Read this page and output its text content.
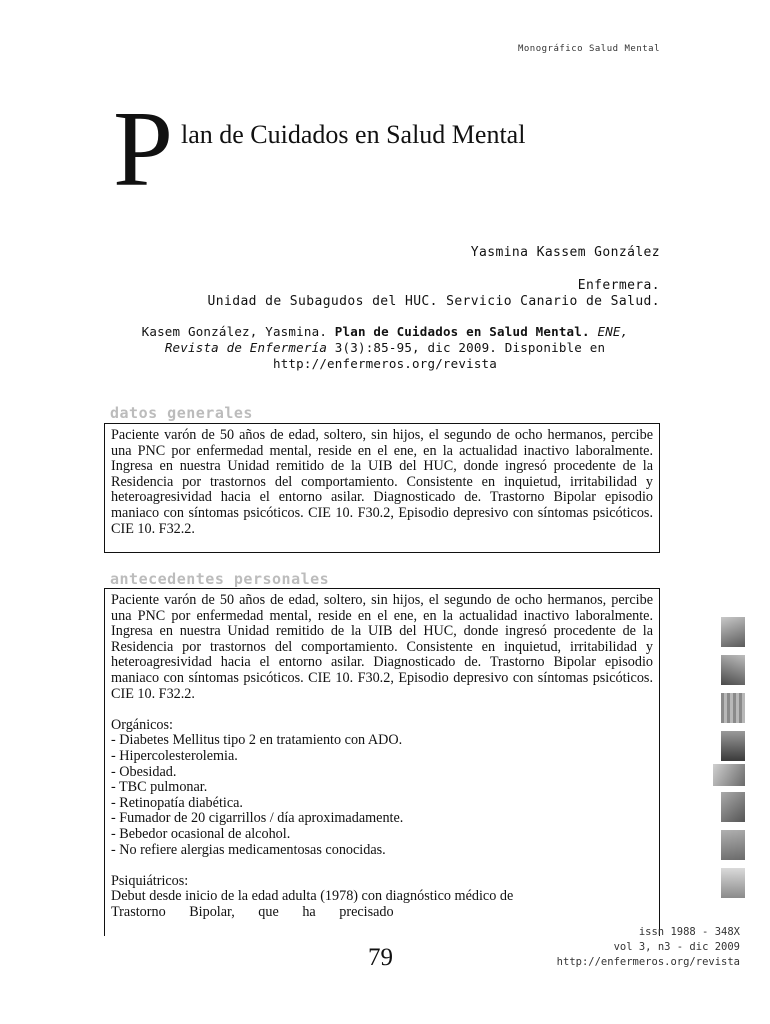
Monográfico Salud Mental
P lan de Cuidados en Salud Mental
Yasmina Kassem González
Enfermera.
Unidad de Subagudos del HUC. Servicio Canario de Salud.
Kasem González, Yasmina. Plan de Cuidados en Salud Mental. ENE,
Revista de Enfermería 3(3):85-95, dic 2009. Disponible en
http://enfermeros.org/revista
datos generales

Paciente varón de 50 años de edad, soltero, sin hijos, el segundo de ocho hermanos, percibe una PNC por enfermedad mental, reside en el ene, en la actualidad inactivo laboralmente. Ingresa en nuestra Unidad remitido de la UIB del HUC, donde ingresó procedente de la Residencia por trastornos del comportamiento. Consistente en inquietud, irritabilidad y heteroagresividad hacia el entorno asilar. Diagnosticado de. Trastorno Bipolar episodio maniaco con síntomas psicóticos. CIE 10. F30.2, Episodio depresivo con síntomas psicóticos. CIE 10. F32.2.

antecedentes personales

Paciente varón de 50 años de edad, soltero, sin hijos, el segundo de ocho hermanos, percibe una PNC por enfermedad mental, reside en el ene, en la actualidad inactivo laboralmente. Ingresa en nuestra Unidad remitido de la UIB del HUC, donde ingresó procedente de la Residencia por trastornos del comportamiento. Consistente en inquietud, irritabilidad y heteroagresividad hacia el entorno asilar. Diagnosticado de. Trastorno Bipolar episodio maniaco con síntomas psicóticos. CIE 10. F30.2, Episodio depresivo con síntomas psicóticos. CIE 10. F32.2.

Orgánicos:
- Diabetes Mellitus tipo 2 en tratamiento con ADO.
- Hipercolesterolemia.
- Obesidad.
- TBC pulmonar.
- Retinopatía diabética.
- Fumador de 20 cigarrillos / día aproximadamente.
- Bebedor ocasional de alcohol.
- No refiere alergias medicamentosas conocidas.
Psiquiátricos:
Debut desde inicio de la edad adulta (1978) con diagnóstico médico de
Trastorno Bipolar, que ha precisado
79
issn 1988 - 348X
vol 3, n3 - dic 2009
http://enfermeros.org/revista
